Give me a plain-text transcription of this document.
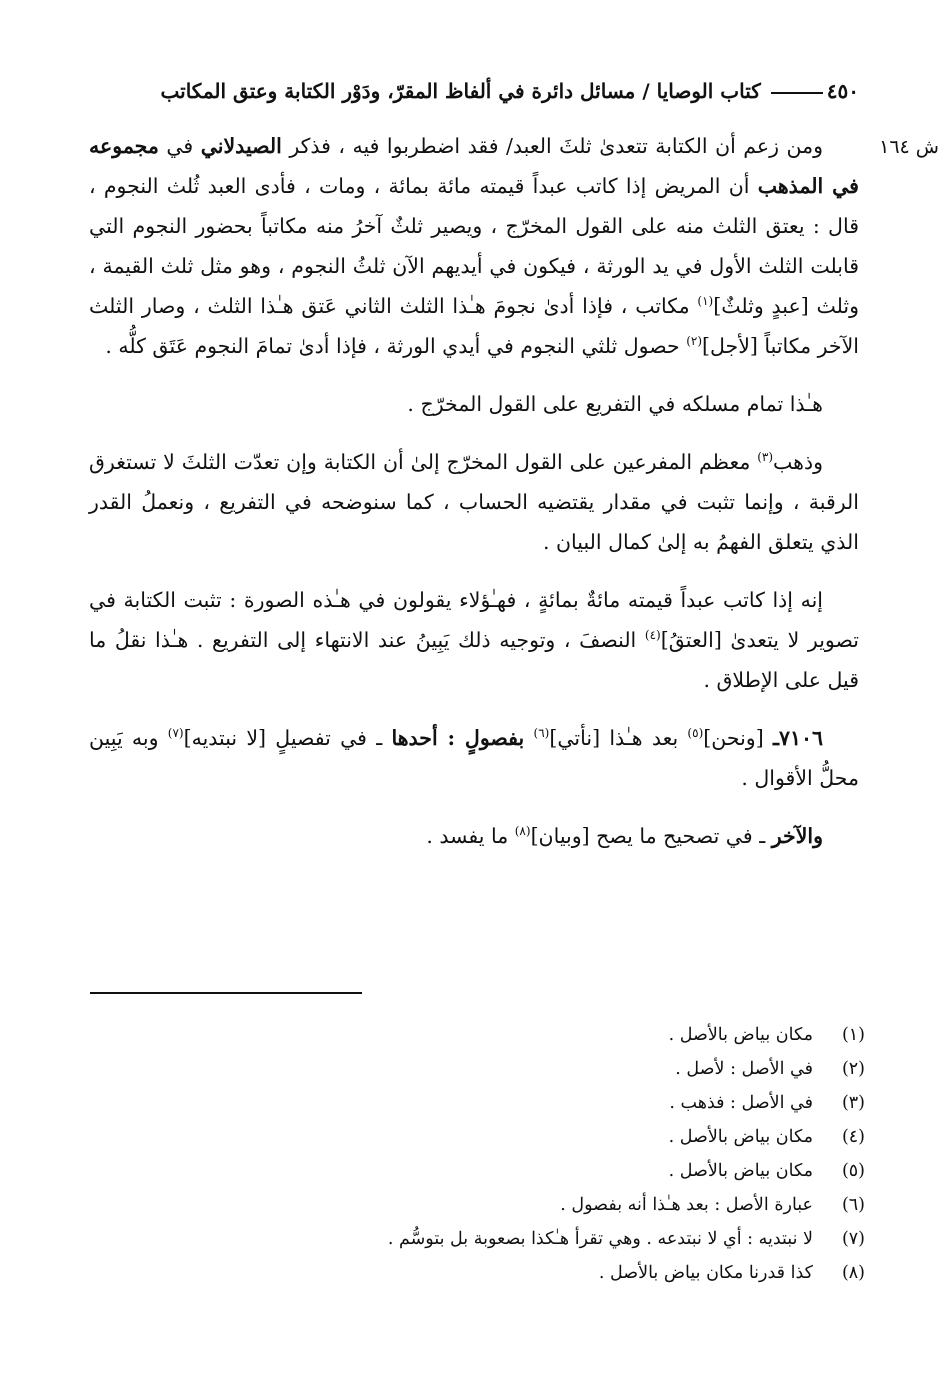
٤٥٠كتاب الوصايا / مسائل دائرة في ألفاظ المقرّ، ودَوْر الكتابة وعتق المكاتب
ش ١٦٤

ومن زعم أن الكتابة تتعدىٰ ثلثَ العبد/ فقد اضطربوا فيه ، فذكر الصيدلاني في مجموعه في المذهب أن المريض إذا كاتب عبداً قيمته مائة بمائة ، ومات ، فأدى العبد ثُلث النجوم ، قال : يعتق الثلث منه على القول المخرّج ، ويصير ثلثٌ آخرُ منه مكاتباً بحضور النجوم التي قابلت الثلث الأول في يد الورثة ، فيكون في أيديهم الآن ثلثُ النجوم ، وهو مثل ثلث القيمة ، وثلث [عبدٍ وثلثٌ]$^{(١)}$ مكاتب ، فإذا أدىٰ نجومَ هـٰذا الثلث الثاني عَتق هـٰذا الثلث ، وصار الثلث الآخر مكاتباً [لأجل]$^{(٢)}$ حصول ثلثي النجوم في أيدي الورثة ، فإذا أدىٰ تمامَ النجوم عَتَق كلُّه .

هـٰذا تمام مسلكه في التفريع على القول المخرّج .

وذهب$^{(٣)}$ معظم المفرعين على القول المخرّج إلىٰ أن الكتابة وإن تعدّت الثلثَ لا تستغرق الرقبة ، وإنما تثبت في مقدار يقتضيه الحساب ، كما سنوضحه في التفريع ، ونعملُ القدر الذي يتعلق الفهمُ به إلىٰ كمال البيان .

إنه إذا كاتب عبداً قيمته مائةٌ بمائةٍ ، فهـٰؤلاء يقولون في هـٰذه الصورة : تثبت الكتابة في تصوير لا يتعدىٰ [العتقُ]$^{(٤)}$ النصفَ ، وتوجيه ذلك يَبِينُ عند الانتهاء إلى التفريع . هـٰذا نقلُ ما قيل على الإطلاق .

٧١٠٦ـ [ونحن]$^{(٥)}$ بعد هـٰذا [نأتي]$^{(٦)}$ بفصولٍ : أحدها ـ في تفصيلٍ [لا نبتديه]$^{(٧)}$ وبه يَبِين محلُّ الأقوال .

والآخر ـ في تصحيح ما يصح [وبيان]$^{(٨)}$ ما يفسد .

(١)
مكان بياض بالأصل .
(٢)
في الأصل : لأصل .
(٣)
في الأصل : فذهب .
(٤)
مكان بياض بالأصل .
(٥)
مكان بياض بالأصل .
(٦)
عبارة الأصل : بعد هـٰذا أنه بفصول .
(٧)
لا نبتديه : أي لا نبتدعه . وهي تقرأ هـٰكذا بصعوبة بل بتوسُّم .
(٨)
كذا قدرنا مكان بياض بالأصل .
